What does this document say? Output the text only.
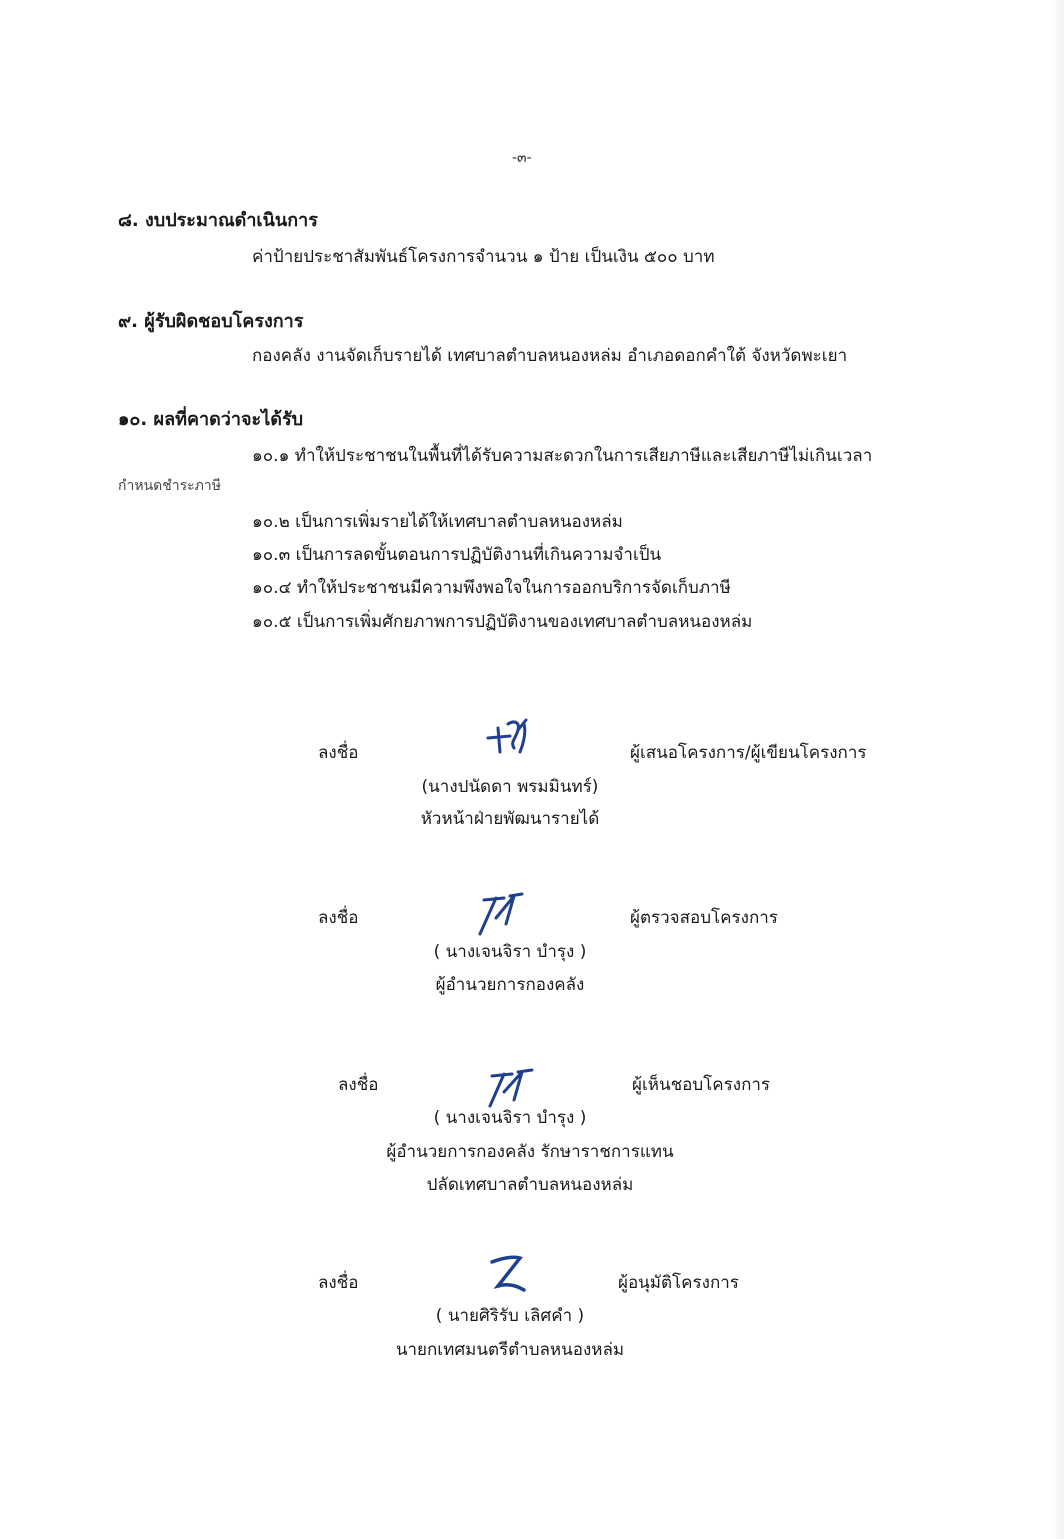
-๓-
๘. งบประมาณดำเนินการ
ค่าป้ายประชาสัมพันธ์โครงการจำนวน ๑ ป้าย เป็นเงิน ๕๐๐ บาท
๙. ผู้รับผิดชอบโครงการ
กองคลัง งานจัดเก็บรายได้ เทศบาลตำบลหนองหล่ม อำเภอดอกคำใต้ จังหวัดพะเยา
๑๐. ผลที่คาดว่าจะได้รับ
๑๐.๑ ทำให้ประชาชนในพื้นที่ได้รับความสะดวกในการเสียภาษีและเสียภาษีไม่เกินเวลา
กำหนดชำระภาษี
๑๐.๒ เป็นการเพิ่มรายได้ให้เทศบาลตำบลหนองหล่ม
๑๐.๓ เป็นการลดขั้นตอนการปฏิบัติงานที่เกินความจำเป็น
๑๐.๔ ทำให้ประชาชนมีความพึงพอใจในการออกบริการจัดเก็บภาษี
๑๐.๕ เป็นการเพิ่มศักยภาพการปฏิบัติงานของเทศบาลตำบลหนองหล่ม
ลงชื่อ	ผู้เสนอโครงการ/ผู้เขียนโครงการ
(นางปนัดดา พรมมินทร์)
หัวหน้าฝ่ายพัฒนารายได้
ลงชื่อ	ผู้ตรวจสอบโครงการ
( นางเจนจิรา บำรุง )
ผู้อำนวยการกองคลัง
ลงชื่อ	ผู้เห็นชอบโครงการ
( นางเจนจิรา บำรุง )
ผู้อำนวยการกองคลัง รักษาราชการแทน
ปลัดเทศบาลตำบลหนองหล่ม
ลงชื่อ	ผู้อนุมัติโครงการ
( นายศิริรับ เลิศคำ )
นายกเทศมนตรีตำบลหนองหล่ม
